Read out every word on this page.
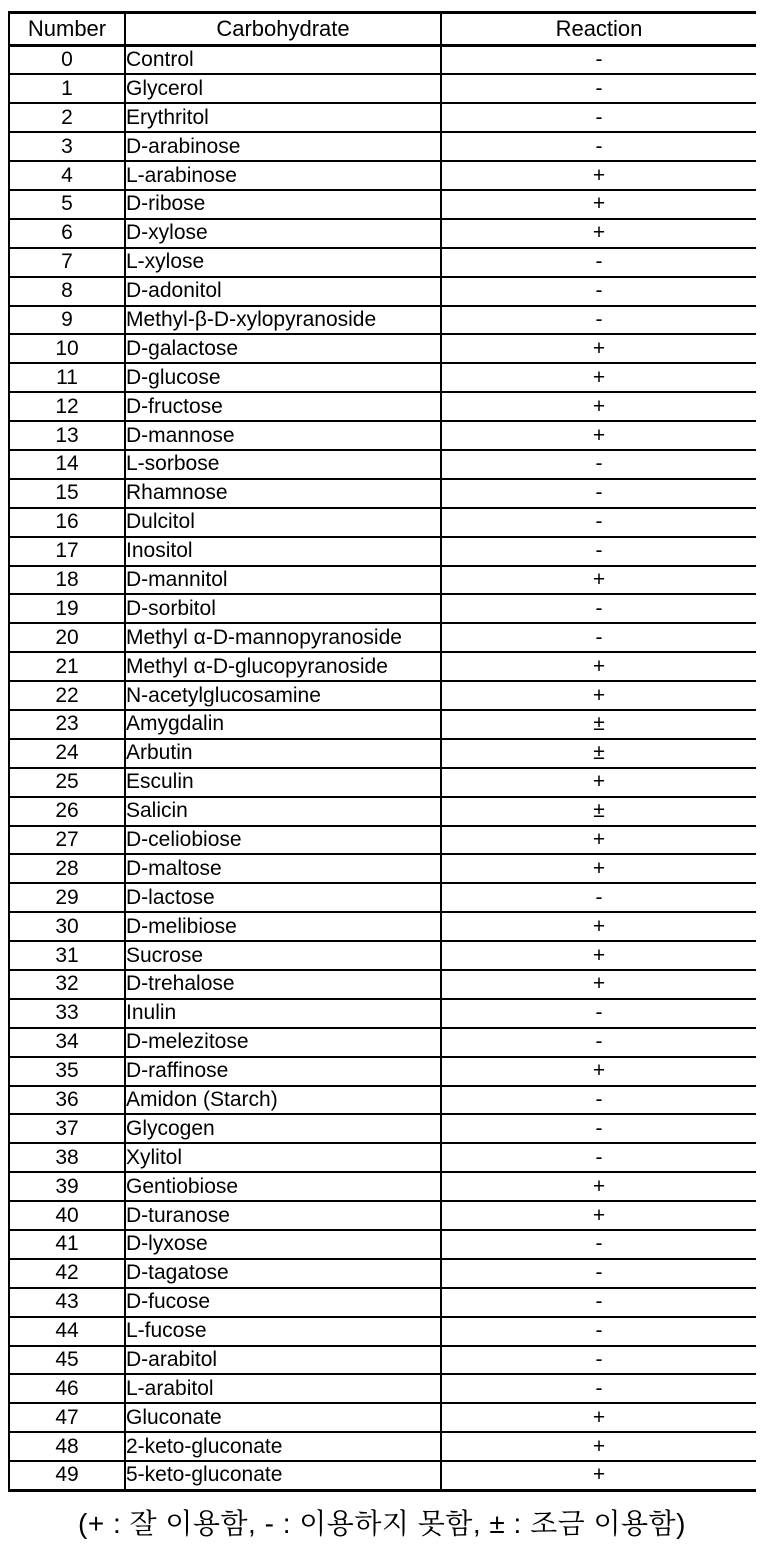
Number	Carbohydrate	Reaction
0	Control	-
1	Glycerol	-
2	Erythritol	-
3	D-arabinose	-
4	L-arabinose	+
5	D-ribose	+
6	D-xylose	+
7	L-xylose	-
8	D-adonitol	-
9	Methyl-β-D-xylopyranoside	-
10	D-galactose	+
11	D-glucose	+
12	D-fructose	+
13	D-mannose	+
14	L-sorbose	-
15	Rhamnose	-
16	Dulcitol	-
17	Inositol	-
18	D-mannitol	+
19	D-sorbitol	-
20	Methyl α-D-mannopyranoside	-
21	Methyl α-D-glucopyranoside	+
22	N-acetylglucosamine	+
23	Amygdalin	±
24	Arbutin	±
25	Esculin	+
26	Salicin	±
27	D-celiobiose	+
28	D-maltose	+
29	D-lactose	-
30	D-melibiose	+
31	Sucrose	+
32	D-trehalose	+
33	Inulin	-
34	D-melezitose	-
35	D-raffinose	+
36	Amidon (Starch)	-
37	Glycogen	-
38	Xylitol	-
39	Gentiobiose	+
40	D-turanose	+
41	D-lyxose	-
42	D-tagatose	-
43	D-fucose	-
44	L-fucose	-
45	D-arabitol	-
46	L-arabitol	-
47	Gluconate	+
48	2-keto-gluconate	+
49	5-keto-gluconate	+
(+ : 잘 이용함, - : 이용하지 못함, ± : 조금 이용함)
